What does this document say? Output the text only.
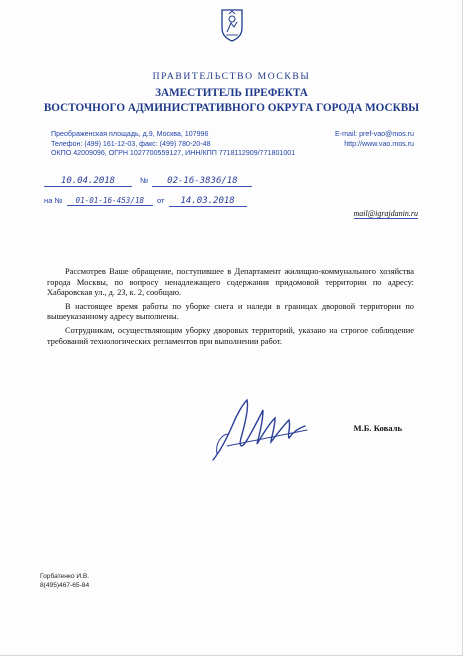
ПРАВИТЕЛЬСТВО МОСКВЫ
ЗАМЕСТИТЕЛЬ ПРЕФЕКТА
ВОСТОЧНОГО АДМИНИСТРАТИВНОГО ОКРУГА ГОРОДА МОСКВЫ
Преображенская площадь, д.9, Москва, 107996
Телефон: (499) 161-12-03, факс: (499) 780-20-48
ОКПО 42009096, ОГРН 1027700559127, ИНН/КПП 7718112909/771801001
E-mail: pref-vao@mos.ru
http://www.vao.mos.ru
10.04.2018	№ 02-16-3836/18
на № 01-01-16-453/18 от 14.03.2018
mail@igrajdanin.ru

Рассмотрев Ваше обращение, поступившее в Департамент жилищно-коммунального хозяйства города Москвы, по вопросу ненадлежащего содержания придомовой территории по адресу: Хабаровская ул., д. 23, к. 2, сообщаю.

В настоящее время работы по уборке снега и наледи в границах дворовой территории по вышеуказанному адресу выполнены.

Сотрудникам, осуществляющим уборку дворовых территорий, указано на строгое соблюдение требований технологических регламентов при выполнении работ.

М.Б. Коваль
Горбатенко И.В.
8(495)467-65-84
